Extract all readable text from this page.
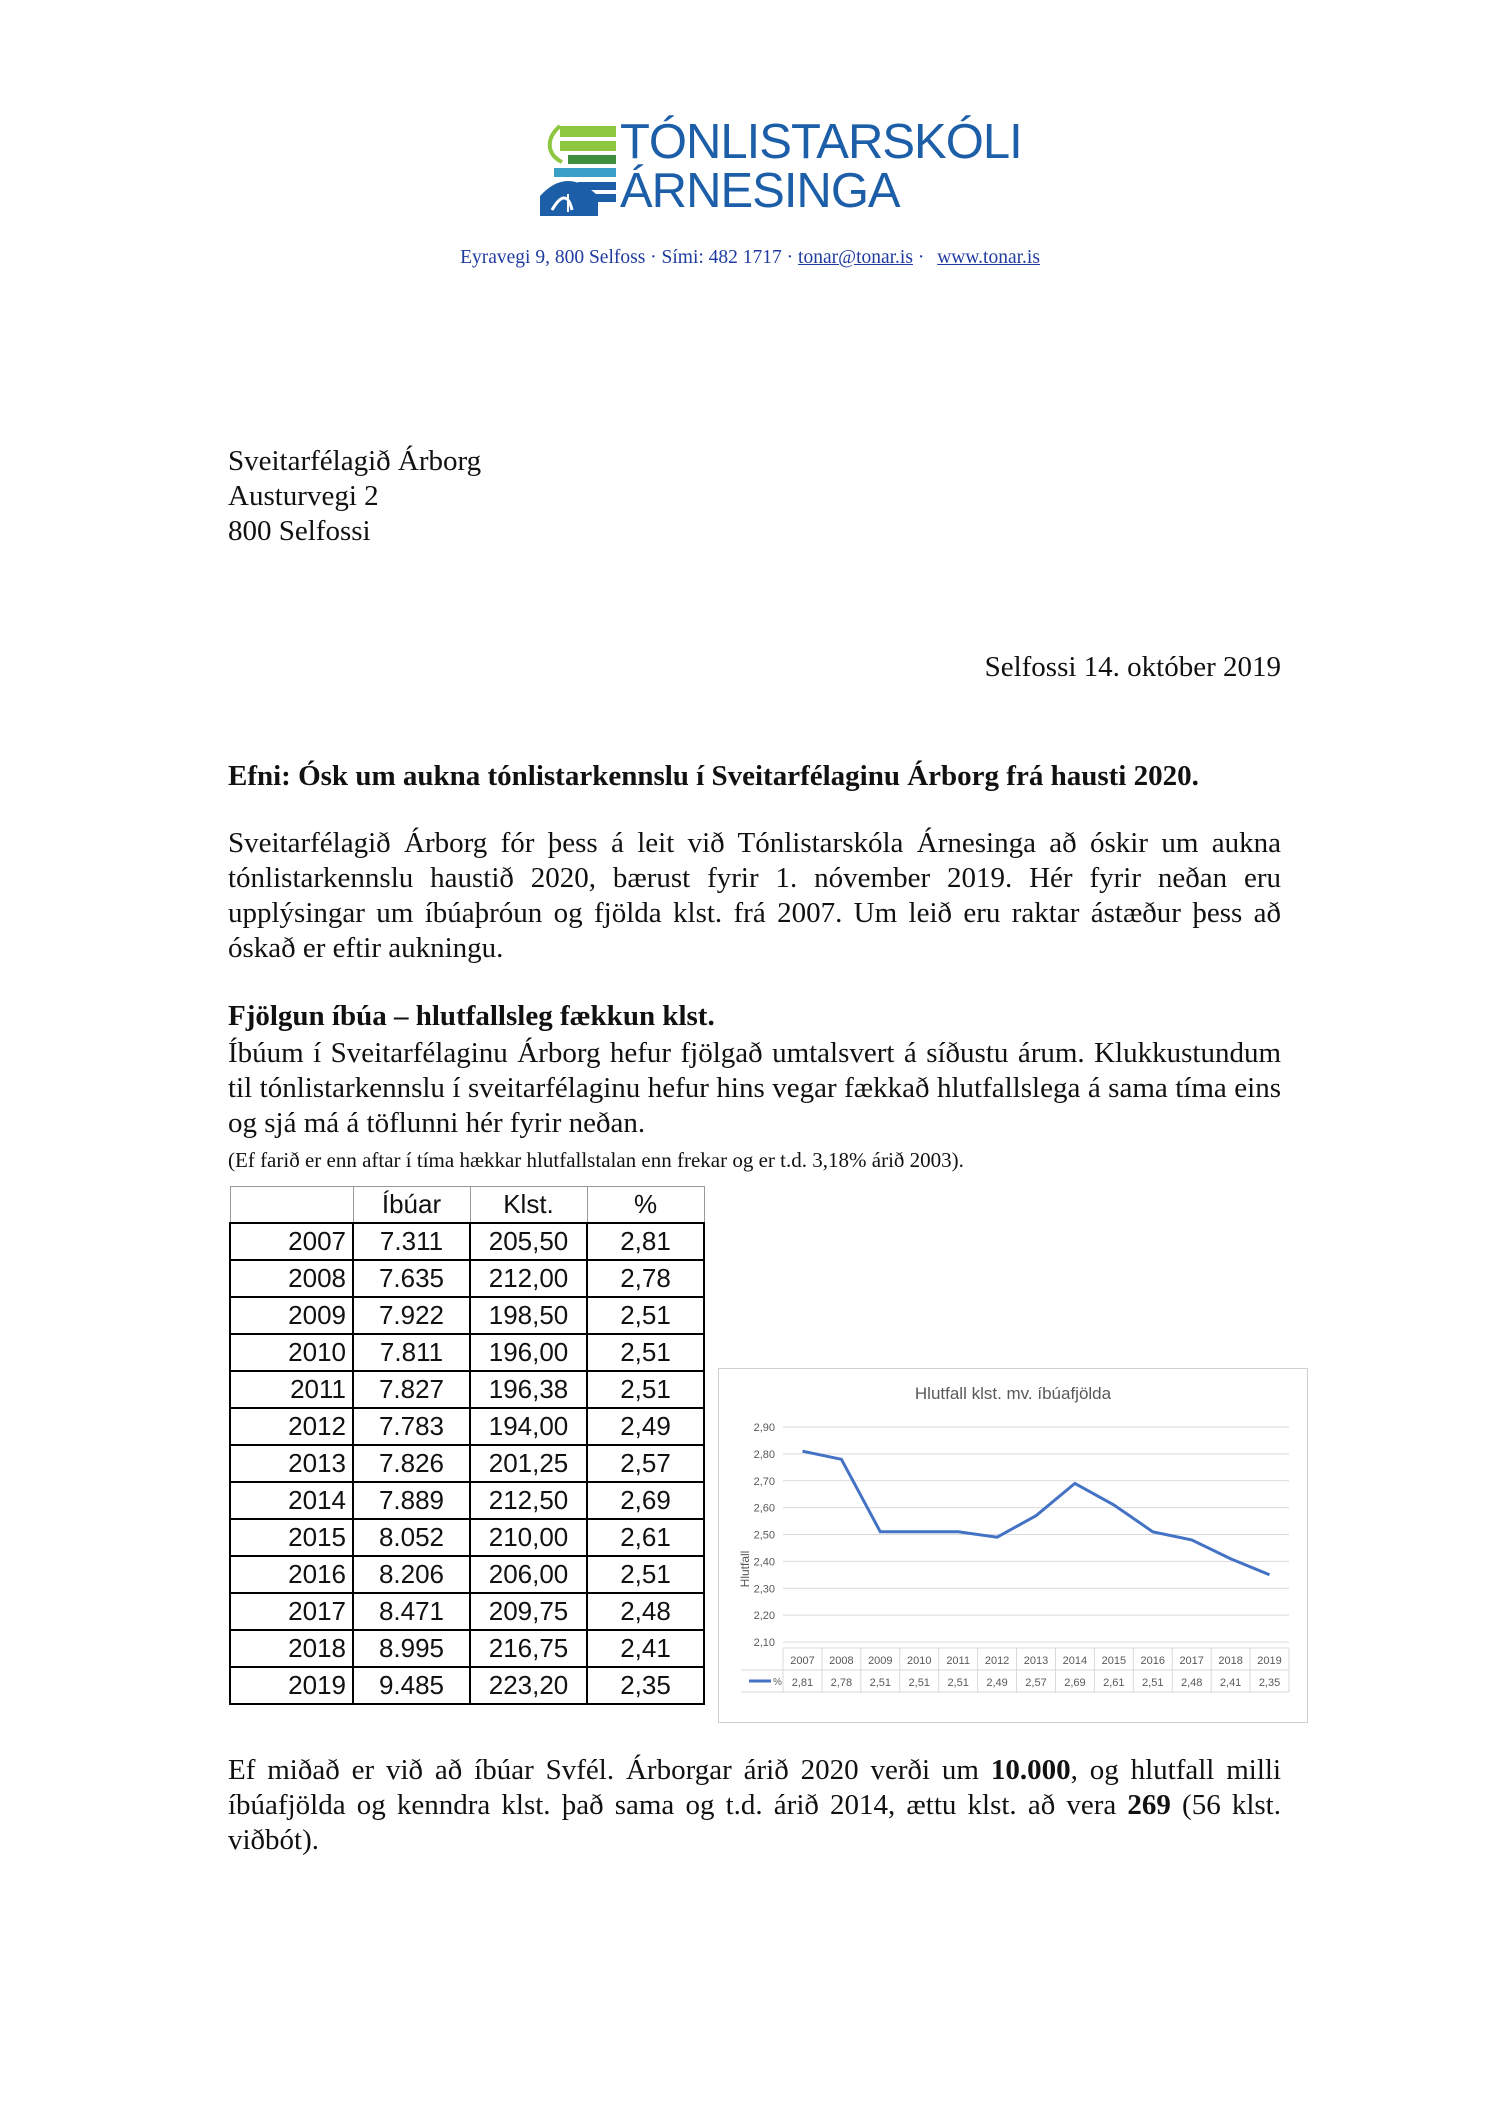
TÓNLISTARSKÓLI
ÁRNESINGA
Eyravegi 9, 800 Selfoss · Sími: 482 1717 · tonar@tonar.is · www.tonar.is
Sveitarfélagið Árborg
Austurvegi 2
800 Selfossi
Selfossi 14. október 2019
Efni: Ósk um aukna tónlistarkennslu í Sveitarfélaginu Árborg frá hausti 2020.
Sveitarfélagið Árborg fór þess á leit við Tónlistarskóla Árnesinga að óskir um aukna tónlistarkennslu haustið 2020, bærust fyrir 1. nóvember 2019. Hér fyrir neðan eru upplýsingar um íbúaþróun og fjölda klst. frá 2007. Um leið eru raktar ástæður þess að óskað er eftir aukningu.
Fjölgun íbúa – hlutfallsleg fækkun klst.
Íbúum í Sveitarfélaginu Árborg hefur fjölgað umtalsvert á síðustu árum. Klukkustundum til tónlistarkennslu í sveitarfélaginu hefur hins vegar fækkað hlutfallslega á sama tíma eins og sjá má á töflunni hér fyrir neðan.
(Ef farið er enn aftar í tíma hækkar hlutfallstalan enn frekar og er t.d. 3,18% árið 2003).
	Íbúar	Klst.	%
2007	7.311	205,50	2,81
2008	7.635	212,00	2,78
2009	7.922	198,50	2,51
2010	7.811	196,00	2,51
2011	7.827	196,38	2,51
2012	7.783	194,00	2,49
2013	7.826	201,25	2,57
2014	7.889	212,50	2,69
2015	8.052	210,00	2,61
2016	8.206	206,00	2,51
2017	8.471	209,75	2,48
2018	8.995	216,75	2,41
2019	9.485	223,20	2,35
Hlutfall klst. mv. íbúafjölda
Hlutfall
2,10
2,20
2,30
2,40
2,50
2,60
2,70
2,80
2,90
%
2007
2,81
2008
2,78
2009
2,51
2010
2,51
2011
2,51
2012
2,49
2013
2,57
2014
2,69
2015
2,61
2016
2,51
2017
2,48
2018
2,41
2019
2,35
Ef miðað er við að íbúar Svfél. Árborgar árið 2020 verði um 10.000, og hlutfall milli íbúafjölda og kenndra klst. það sama og t.d. árið 2014, ættu klst. að vera 269 (56 klst. viðbót).
